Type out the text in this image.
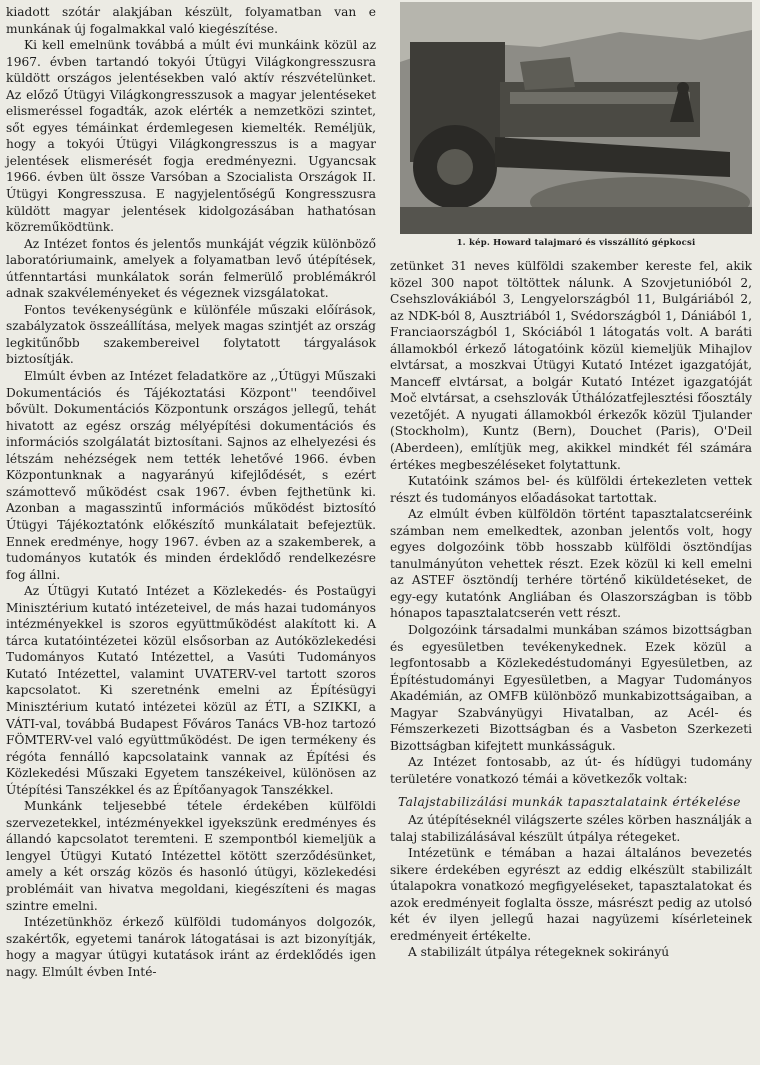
kiadott szótár alakjában készült, folyamatban van e munkának új fogalmakkal való kiegészítése.

Ki kell emelnünk továbbá a múlt évi munkáink közül az 1967. évben tartandó tokyói Útügyi Világkongresszusra küldött országos jelentésekben való aktív részvételünket. Az előző Útügyi Világkongresszusok a magyar jelentéseket elismeréssel fogadták, azok elérték a nemzetközi szintet, sőt egyes témáinkat érdemlegesen kiemelték. Reméljük, hogy a tokyói Útügyi Világkongresszus is a magyar jelentések elismerését fogja eredményezni. Ugyancsak 1966. évben ült össze Varsóban a Szocialista Országok II. Útügyi Kongresszusa. E nagyjelentőségű Kongresszusra küldött magyar jelentések kidolgozásában hathatósan közreműködtünk.

Az Intézet fontos és jelentős munkáját végzik különböző laboratóriumaink, amelyek a folyamatban levő útépítések, útfenntartási munkálatok során felmerülő problémákról adnak szakvéleményeket és végeznek vizsgálatokat.

Fontos tevékenységünk e különféle műszaki előírások, szabályzatok összeállítása, melyek magas szintjét az ország legkitűnőbb szakembereivel folytatott tárgyalások biztosítják.

Elmúlt évben az Intézet feladatköre az ,,Útügyi Műszaki Dokumentációs és Tájékoztatási Központ'' teendőivel bővült. Dokumentációs Központunk országos jellegű, tehát hivatott az egész ország mélyépítési dokumentációs és információs szolgálatát biztosítani. Sajnos az elhelyezési és létszám nehézségek nem tették lehetővé 1966. évben Központunknak a nagyarányú kifejlődését, s ezért számottevő működést csak 1967. évben fejthetünk ki. Azonban a magasszintű információs működést biztosító Útügyi Tájékoztatónk előkészítő munkálatait befejeztük. Ennek eredménye, hogy 1967. évben az a szakemberek, a tudományos kutatók és minden érdeklődő rendelkezésre fog állni.

Az Útügyi Kutató Intézet a Közlekedés- és Postaügyi Minisztérium kutató intézeteivel, de más hazai tudományos intézményekkel is szoros együttműködést alakított ki. A tárca kutatóintézetei közül elsősorban az Autóközlekedési Tudományos Kutató Intézettel, a Vasúti Tudományos Kutató Intézettel, valamint UVATERV-vel tartott szoros kapcsolatot. Ki szeretnénk emelni az Építésügyi Minisztérium kutató intézetei közül az ÉTI, a SZIKKI, a VÁTI-val, továbbá Budapest Főváros Tanács VB-hoz tartozó FÖMTERV-vel való együttműködést. De igen termékeny és régóta fennálló kapcsolataink vannak az Építési és Közlekedési Műszaki Egyetem tanszékeivel, különösen az Útépítési Tanszékkel és az Építőanyagok Tanszékkel.

Munkánk teljesebbé tétele érdekében külföldi szervezetekkel, intézményekkel igyekszünk eredményes és állandó kapcsolatot teremteni. E szempontból kiemeljük a lengyel Útügyi Kutató Intézettel kötött szerződésünket, amely a két ország közös és hasonló útügyi, közlekedési problémáit van hivatva megoldani, kiegészíteni és magas szintre emelni.

Intézetünkhöz érkező külföldi tudományos dolgozók, szakértők, egyetemi tanárok látogatásai is azt bizonyítják, hogy a magyar útügyi kutatások iránt az érdeklődés igen nagy. Elmúlt évben Inté-

1. kép. Howard talajmaró és visszállító gépkocsi

zetünket 31 neves külföldi szakember kereste fel, akik közel 300 napot töltöttek nálunk. A Szovjetunióból 2, Csehszlovákiából 3, Lengyelországból 11, Bulgáriából 2, az NDK-ból 8, Ausztriából 1, Svédországból 1, Dániából 1, Franciaországból 1, Skóciából 1 látogatás volt. A baráti államokból érkező látogatóink közül kiemeljük Mihajlov elvtársat, a moszkvai Útügyi Kutató Intézet igazgatóját, Manceff elvtársat, a bolgár Kutató Intézet igazgatóját Moč elvtársat, a csehszlovák Úthálózatfejlesztési főosztály vezetőjét. A nyugati államokból érkezők közül Tjulander (Stockholm), Kuntz (Bern), Douchet (Paris), O'Deil (Aberdeen), említjük meg, akikkel mindkét fél számára értékes megbeszéléseket folytattunk.

Kutatóink számos bel- és külföldi értekezleten vettek részt és tudományos előadásokat tartottak.

Az elmúlt évben külföldön történt tapasztalatcseréink számban nem emelkedtek, azonban jelentős volt, hogy egyes dolgozóink több hosszabb külföldi ösztöndíjas tanulmányúton vehettek részt. Ezek közül ki kell emelni az ASTEF ösztöndíj terhére történő kiküldetéseket, de egy-egy kutatónk Angliában és Olaszországban is több hónapos tapasztalatcserén vett részt.

Dolgozóink társadalmi munkában számos bizottságban és egyesületben tevékenykednek. Ezek közül a legfontosabb a Közlekedéstudományi Egyesületben, az Építéstudományi Egyesületben, a Magyar Tudományos Akadémián, az OMFB különböző munkabizottságaiban, a Magyar Szabványügyi Hivatalban, az Acél- és Fémszerkezeti Bizottságban és a Vasbeton Szerkezeti Bizottságban kifejtett munkásságuk.

Az Intézet fontosabb, az út- és hídügyi tudomány területére vonatkozó témái a következők voltak:

Talajstabilizálási munkák tapasztalataink értékelése

Az útépítéseknél világszerte széles körben használják a talaj stabilizálásával készült útpálya rétegeket.

Intézetünk e témában a hazai általános bevezetés sikere érdekében egyrészt az eddig elkészült stabilizált útalapokra vonatkozó megfigyeléseket, tapasztalatokat és azok eredményeit foglalta össze, másrészt pedig az utolsó két év ilyen jellegű hazai nagyüzemi kísérleteinek eredményeit értékelte.

A stabilizált útpálya rétegeknek sokirányú
